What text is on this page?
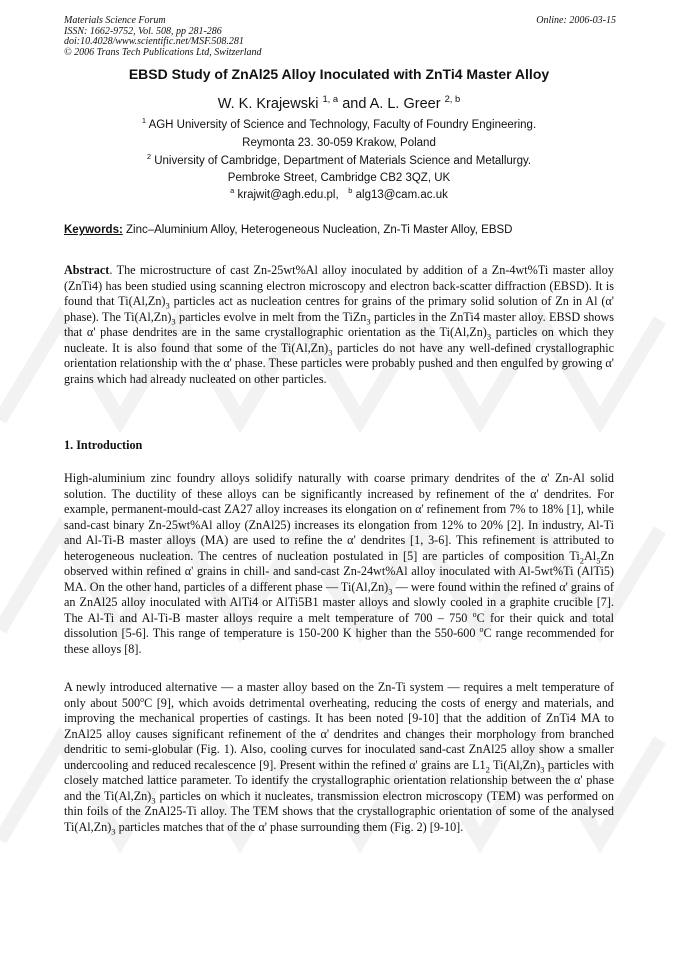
Materials Science Forum
ISSN: 1662-9752, Vol. 508, pp 281-286
doi:10.4028/www.scientific.net/MSF.508.281
© 2006 Trans Tech Publications Ltd, Switzerland
Online: 2006-03-15
EBSD Study of ZnAl25 Alloy Inoculated with ZnTi4 Master Alloy
W. K. Krajewski $^{1, a}$ and A. L. Greer $^{2, b}$
$^1$ AGH University of Science and Technology, Faculty of Foundry Engineering.
Reymonta 23. 30-059 Krakow, Poland
$^2$ University of Cambridge, Department of Materials Science and Metallurgy.
Pembroke Street, Cambridge CB2 3QZ, UK
$^a$ krajwit@agh.edu.pl, $^b$ alg13@cam.ac.uk
Keywords: Zinc–Aluminium Alloy, Heterogeneous Nucleation, Zn-Ti Master Alloy, EBSD
Abstract. The microstructure of cast Zn-25wt%Al alloy inoculated by addition of a Zn-4wt%Ti master alloy (ZnTi4) has been studied using scanning electron microscopy and electron back-scatter diffraction (EBSD). It is found that $Ti(Al,Zn)_3$ particles act as nucleation centres for grains of the primary solid solution of Zn in Al (α' phase). The $Ti(Al,Zn)_3$ particles evolve in melt from the TiZn$_3$ particles in the ZnTi4 master alloy. EBSD shows that α' phase dendrites are in the same crystallographic orientation as the $Ti(Al,Zn)_3$ particles on which they nucleate. It is also found that some of the $Ti(Al,Zn)_3$ particles do not have any well-defined crystallographic orientation relationship with the α' phase. These particles were probably pushed and then engulfed by growing α' grains which had already nucleated on other particles.
1. Introduction
High-aluminium zinc foundry alloys solidify naturally with coarse primary dendrites of the α' Zn-Al solid solution. The ductility of these alloys can be significantly increased by refinement of the α' dendrites. For example, permanent-mould-cast ZA27 alloy increases its elongation on α' refinement from 7% to 18% [1], while sand-cast binary Zn-25wt%Al alloy (ZnAl25) increases its elongation from 12% to 20% [2]. In industry, Al-Ti and Al-Ti-B master alloys (MA) are used to refine the α' dendrites [1, 3-6]. This refinement is attributed to heterogeneous nucleation. The centres of nucleation postulated in [5] are particles of composition $Ti_2Al_5Zn$ observed within refined α' grains in chill- and sand-cast Zn-24wt%Al alloy inoculated with Al-5wt%Ti (AlTi5) MA. On the other hand, particles of a different phase — $Ti(Al,Zn)_3$ — were found within the refined α' grains of an ZnAl25 alloy inoculated with AlTi4 or AlTi5B1 master alloys and slowly cooled in a graphite crucible [7]. The Al-Ti and Al-Ti-B master alloys require a melt temperature of 700 – 750 $^o$C for their quick and total dissolution [5-6]. This range of temperature is 150-200 K higher than the 550-600 $^o$C range recommended for these alloys [8].
A newly introduced alternative — a master alloy based on the Zn-Ti system — requires a melt temperature of only about 500$^o$C [9], which avoids detrimental overheating, reducing the costs of energy and materials, and improving the mechanical properties of castings. It has been noted [9-10] that the addition of ZnTi4 MA to ZnAl25 alloy causes significant refinement of the α' dendrites and changes their morphology from branched dendritic to semi-globular (Fig. 1). Also, cooling curves for inoculated sand-cast ZnAl25 alloy show a smaller undercooling and reduced recalescence [9]. Present within the refined α' grains are $L1_2$ $Ti(Al,Zn)_3$ particles with closely matched lattice parameter. To identify the crystallographic orientation relationship between the α' phase and the $Ti(Al,Zn)_3$ particles on which it nucleates, transmission electron microscopy (TEM) was performed on thin foils of the ZnAl25-Ti alloy. The TEM shows that the crystallographic orientation of some of the analysed $Ti(Al,Zn)_3$ particles matches that of the α' phase surrounding them (Fig. 2) [9-10].
